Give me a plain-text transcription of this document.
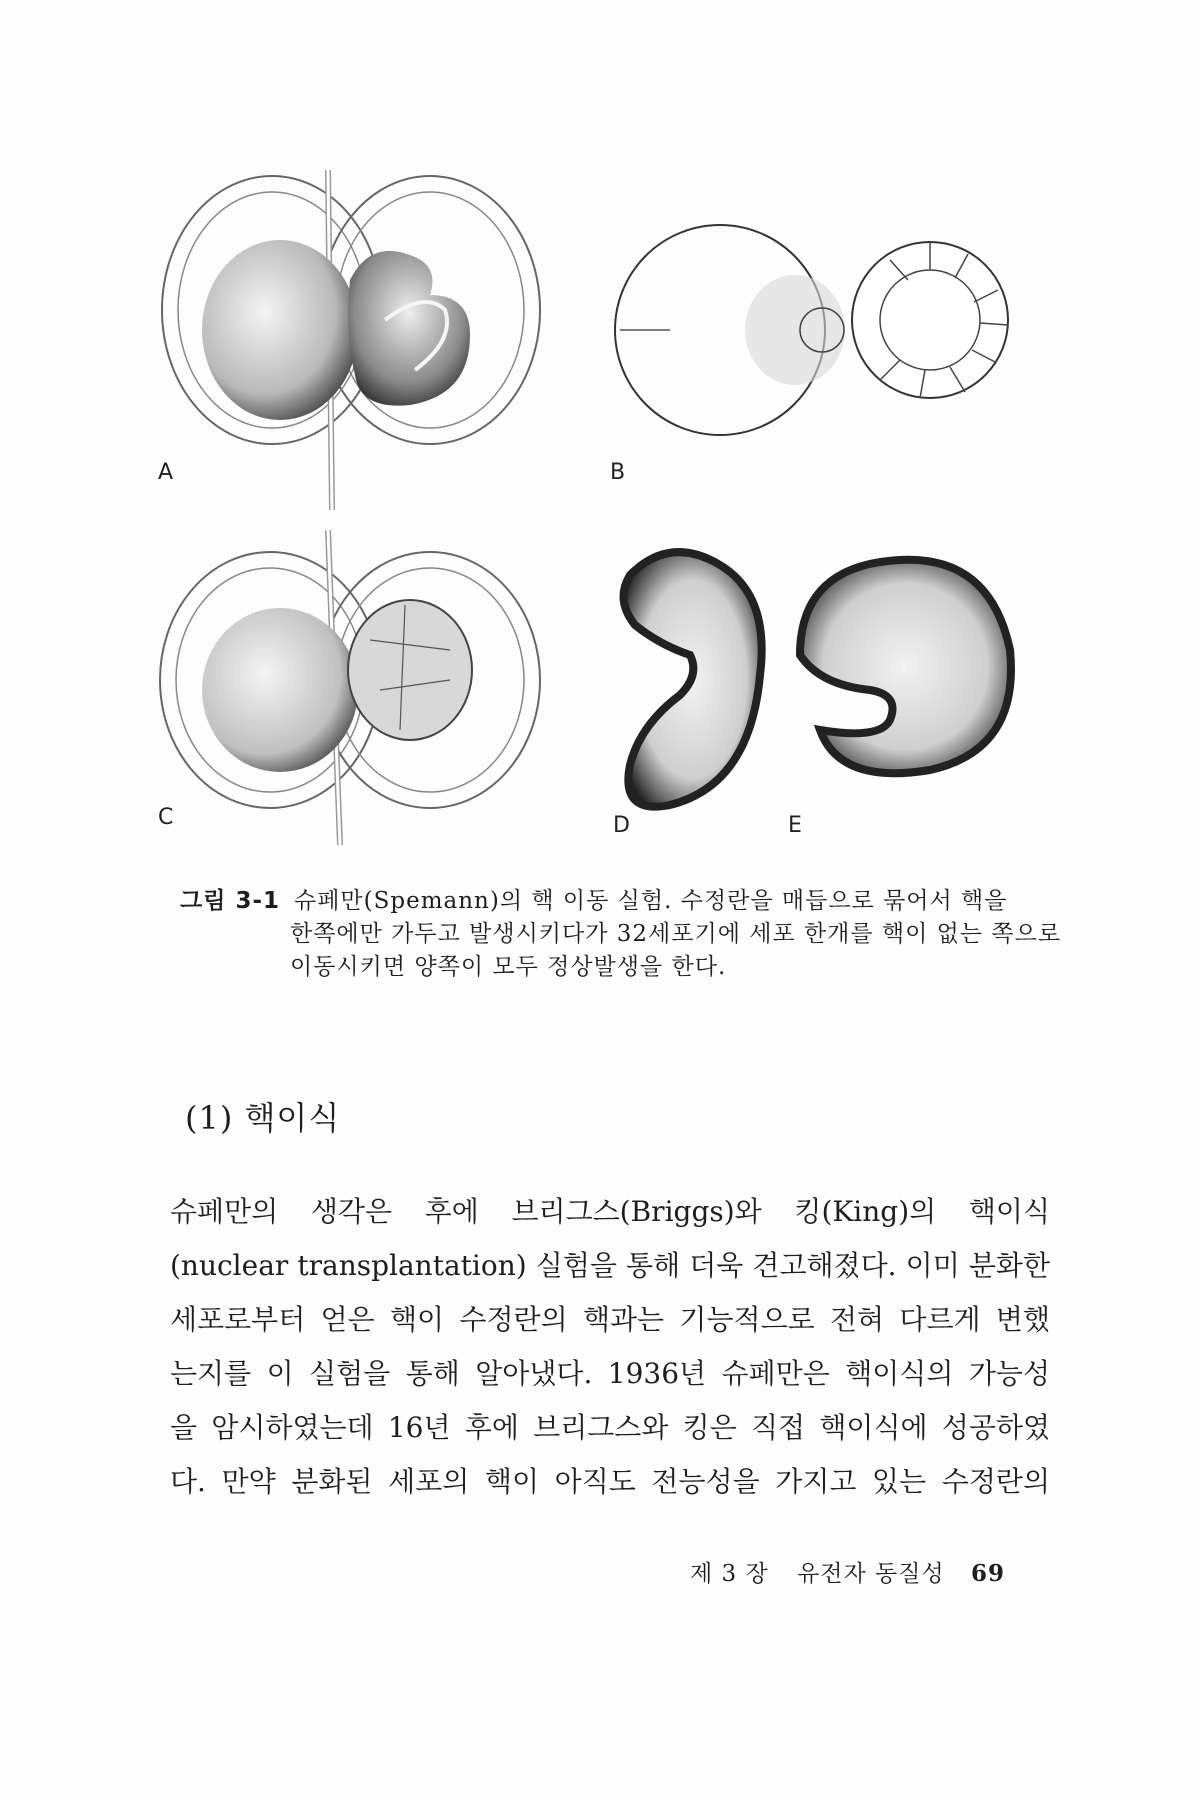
A	B
C	D	E
그림 3-1 슈페만(Spemann)의 핵 이동 실험. 수정란을 매듭으로 묶어서 핵을
한쪽에만 가두고 발생시키다가 32세포기에 세포 한개를 핵이 없는 쪽으로
이동시키면 양쪽이 모두 정상발생을 한다.
(1) 핵이식
슈페만의 생각은 후에 브리그스(Briggs)와 킹(King)의 핵이식
(nuclear transplantation) 실험을 통해 더욱 견고해졌다. 이미 분화한
세포로부터 얻은 핵이 수정란의 핵과는 기능적으로 전혀 다르게 변했
는지를 이 실험을 통해 알아냈다. 1936년 슈페만은 핵이식의 가능성
을 암시하였는데 16년 후에 브리그스와 킹은 직접 핵이식에 성공하였
다. 만약 분화된 세포의 핵이 아직도 전능성을 가지고 있는 수정란의
제 3 장 유전자 동질성 69
